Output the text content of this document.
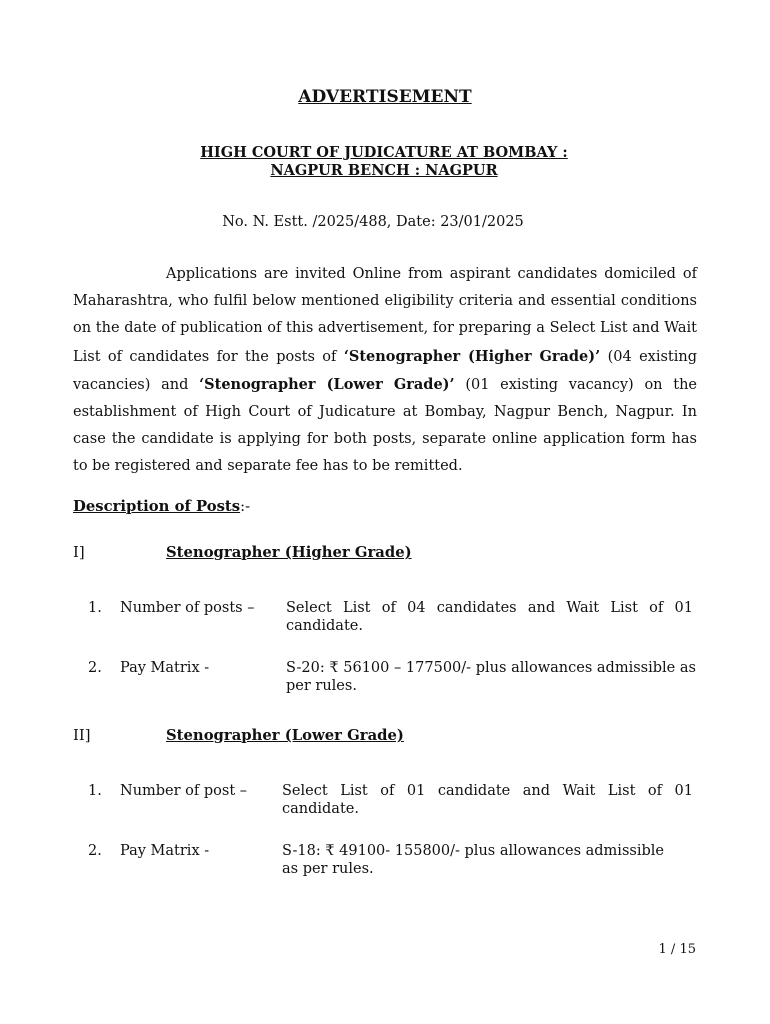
ADVERTISEMENT
HIGH COURT OF JUDICATURE AT BOMBAY :
NAGPUR BENCH : NAGPUR
No. N. Estt. /2025/488, Date: 23/01/2025
Applications are invited Online from aspirant candidates domiciled of Maharashtra, who fulfil below mentioned eligibility criteria and essential conditions on the date of publication of this advertisement, for preparing a Select List and Wait List of candidates for the posts of ‘Stenographer (Higher Grade)’ (04 existing vacancies) and ‘Stenographer (Lower Grade)’ (01 existing vacancy) on the establishment of High Court of Judicature at Bombay, Nagpur Bench, Nagpur. In case the candidate is applying for both posts, separate online application form has to be registered and separate fee has to be remitted.
Description of Posts:-
I]	Stenographer (Higher Grade)
1. Number of posts – Select List of 04 candidates and Wait List of 01 candidate.
2. Pay Matrix -	S-20: ₹ 56100 – 177500/- plus allowances admissible as per rules.
II]	Stenographer (Lower Grade)
1. Number of post – Select List of 01 candidate and Wait List of 01 candidate.
2. Pay Matrix -	S-18: ₹ 49100- 155800/- plus allowances admissible as per rules.
1 / 15
